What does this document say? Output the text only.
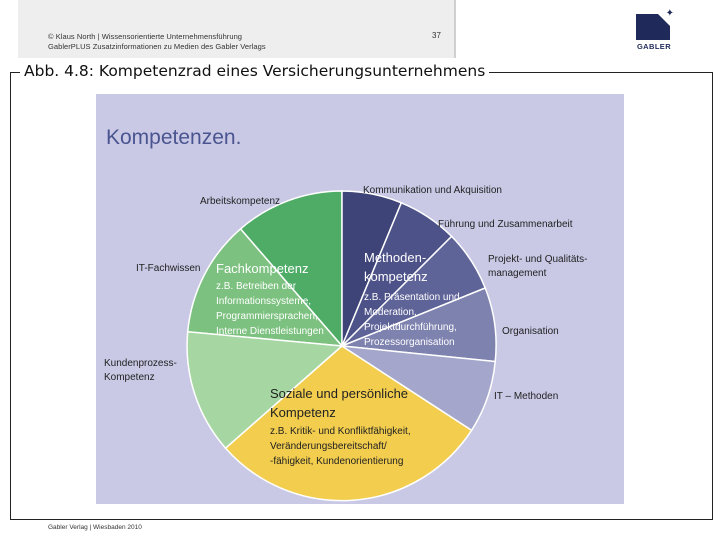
© Klaus North | Wissensorientierte Unternehmensführung
GablerPLUS Zusatzinformationen zu Medien des Gabler Verlags
37
✦
GABLER
Abb. 4.8: Kompetenzrad eines Versicherungsunternehmens
Kompetenzen.
Arbeitskompetenz
Kommunikation und Akquisition
Führung und Zusammenarbeit
Projekt- und Qualitäts-
management
IT-Fachwissen
Organisation
Kundenprozess-
Kompetenz
IT – Methoden
Fachkompetenz
z.B. Betreiben der
Informationssysteme,
Programmiersprachen,
Interne Dienstleistungen
Methoden-
kompetenz
z.B. Präsentation und
Moderation,
Projektdurchführung,
Prozessorganisation
Soziale und persönliche
Kompetenz
z.B. Kritik- und Konfliktfähigkeit,
Veränderungsbereitschaft/
-fähigkeit, Kundenorientierung
Gabler Verlag | Wiesbaden 2010
